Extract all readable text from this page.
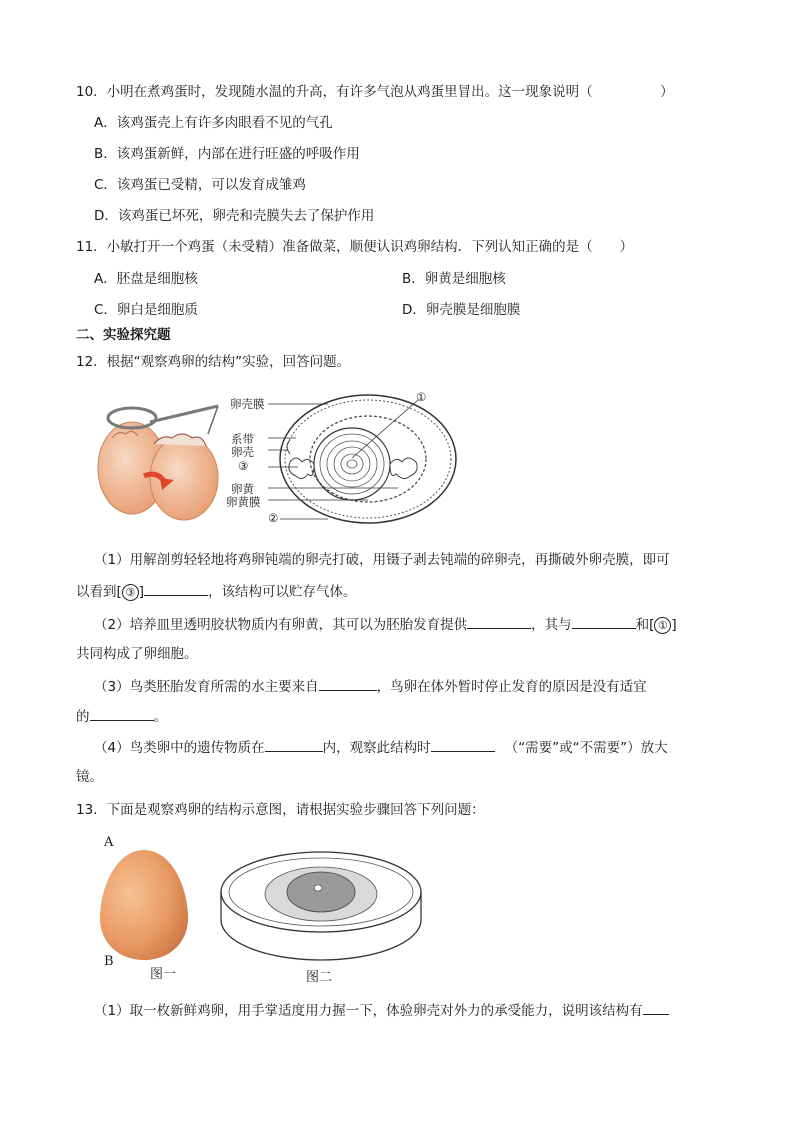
10．小明在煮鸡蛋时，发现随水温的升高，有许多气泡从鸡蛋里冒出。这一现象说明（　　　　　）
A．该鸡蛋壳上有许多肉眼看不见的气孔
B．该鸡蛋新鲜，内部在进行旺盛的呼吸作用
C．该鸡蛋已受精，可以发育成雏鸡
D．该鸡蛋已坏死，卵壳和壳膜失去了保护作用
11．小敏打开一个鸡蛋（未受精）准备做菜，顺便认识鸡卵结构．下列认知正确的是（　　）
A．胚盘是细胞核	B．卵黄是细胞核
C．卵白是细胞质	D．卵壳膜是细胞膜
二、实验探究题
12．根据“观察鸡卵的结构”实验，回答问题。
卵壳膜
系带
卵壳
③
卵黄
卵黄膜
②
①
（1）用解剖剪轻轻地将鸡卵钝端的卵壳打破，用镊子剥去钝端的碎卵壳，再撕破外卵壳膜，即可
以看到[ ③ ]	，该结构可以贮存气体。
（2）培养皿里透明胶状物质内有卵黄，其可以为胚胎发育提供	，其与	和[ ① ]
共同构成了卵细胞。
（3）鸟类胚胎发育所需的水主要来自	，鸟卵在体外暂时停止发育的原因是没有适宜
的	。
（4）鸟类卵中的遗传物质在	内，观察此结构时	（“需要”或“不需要”）放大
镜。
13．下面是观察鸡卵的结构示意图，请根据实验步骤回答下列问题：
A
B
图一	图二
（1）取一枚新鲜鸡卵，用手掌适度用力握一下，体验卵壳对外力的承受能力，说明该结构有
